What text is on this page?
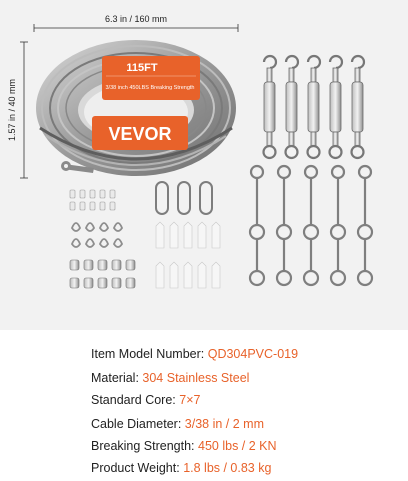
6.3 in / 160 mm
1.57 in / 40 mm
115FT
3/38 inch 450LBS Breaking Strength
VEVOR
Item Model Number: QD304PVC-019
Material: 304 Stainless Steel
Standard Core: 7×7
Cable Diameter: 3/38 in / 2 mm
Breaking Strength: 450 lbs / 2 KN
Product Weight: 1.8 lbs / 0.83 kg
